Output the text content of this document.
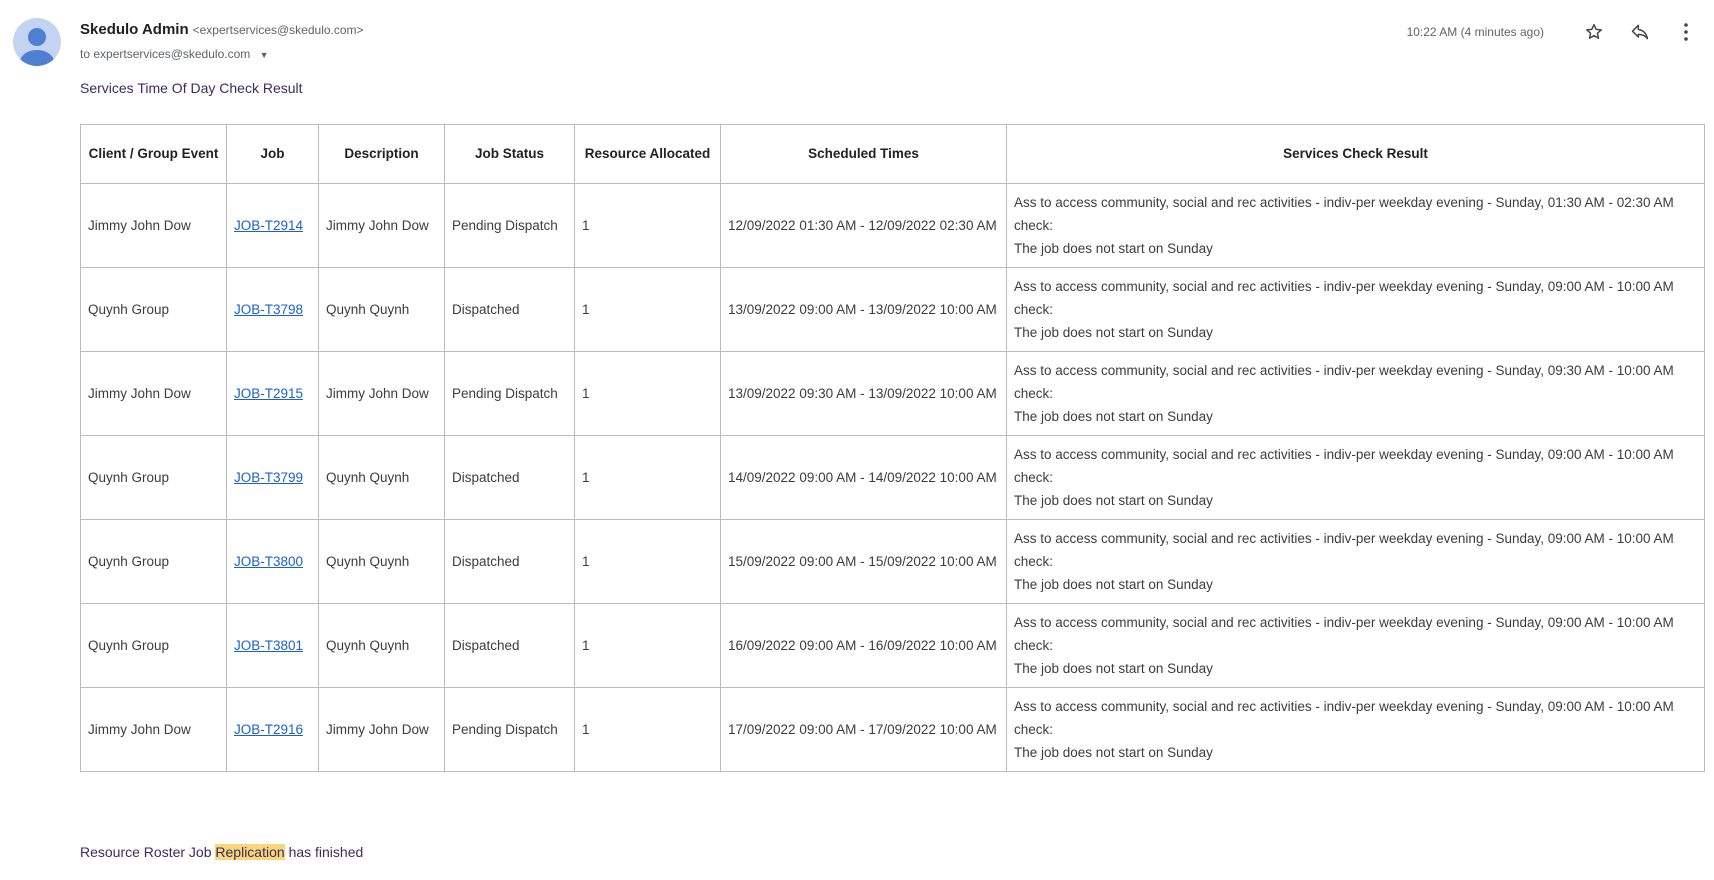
Skedulo Admin <expertservices@skedulo.com>
to expertservices@skedulo.com ▼
10:22 AM (4 minutes ago)
Services Time Of Day Check Result
Client / Group Event	Job	Description	Job Status	Resource Allocated	Scheduled Times	Services Check Result
Jimmy John Dow	JOB-T2914	Jimmy John Dow	Pending Dispatch	1	12/09/2022 01:30 AM - 12/09/2022 02:30 AM	Ass to access community, social and rec activities - indiv-per weekday evening - Sunday, 01:30 AM - 02:30 AM check:
The job does not start on Sunday

Quynh Group	JOB-T3798	Quynh Quynh	Dispatched	1	13/09/2022 09:00 AM - 13/09/2022 10:00 AM	Ass to access community, social and rec activities - indiv-per weekday evening - Sunday, 09:00 AM - 10:00 AM check:
The job does not start on Sunday

Jimmy John Dow	JOB-T2915	Jimmy John Dow	Pending Dispatch	1	13/09/2022 09:30 AM - 13/09/2022 10:00 AM	Ass to access community, social and rec activities - indiv-per weekday evening - Sunday, 09:30 AM - 10:00 AM check:
The job does not start on Sunday

Quynh Group	JOB-T3799	Quynh Quynh	Dispatched	1	14/09/2022 09:00 AM - 14/09/2022 10:00 AM	Ass to access community, social and rec activities - indiv-per weekday evening - Sunday, 09:00 AM - 10:00 AM check:
The job does not start on Sunday

Quynh Group	JOB-T3800	Quynh Quynh	Dispatched	1	15/09/2022 09:00 AM - 15/09/2022 10:00 AM	Ass to access community, social and rec activities - indiv-per weekday evening - Sunday, 09:00 AM - 10:00 AM check:
The job does not start on Sunday

Quynh Group	JOB-T3801	Quynh Quynh	Dispatched	1	16/09/2022 09:00 AM - 16/09/2022 10:00 AM	Ass to access community, social and rec activities - indiv-per weekday evening - Sunday, 09:00 AM - 10:00 AM check:
The job does not start on Sunday

Jimmy John Dow	JOB-T2916	Jimmy John Dow	Pending Dispatch	1	17/09/2022 09:00 AM - 17/09/2022 10:00 AM	Ass to access community, social and rec activities - indiv-per weekday evening - Sunday, 09:00 AM - 10:00 AM check:
The job does not start on Sunday
Resource Roster Job Replication has finished
